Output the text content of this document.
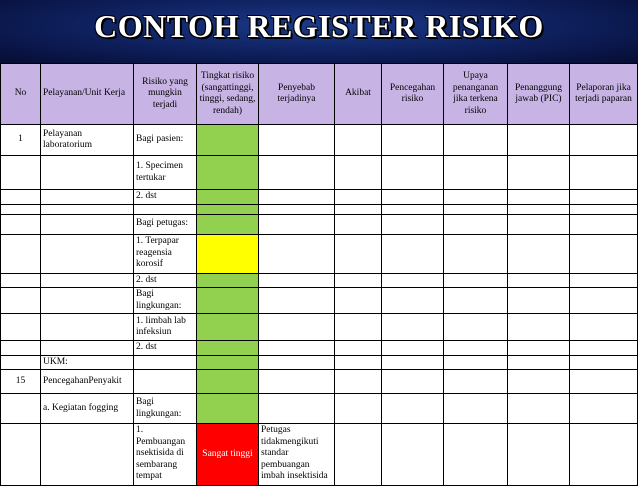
CONTOH REGISTER RISIKO
No	Pelayanan/Unit Kerja	Risiko yang mungkin terjadi	Tingkat risiko (sangattinggi, tinggi, sedang, rendah)	Penyebab terjadinya	Akibat	Pencegahan risiko	Upaya penanganan jika terkena risiko	Penanggung jawab (PIC)	Pelaporan jika terjadi paparan
1	Pelayanan laboratorium	Bagi pasien:							
		1. Specimen tertukar							
		2. dst							

		Bagi petugas:							
		1. Terpapar reagensia korosif							
		2. dst							
		Bagi lingkungan:							
		1. limbah lab infeksiun							
		2. dst							
	UKM:								
15	PencegahanPenyakit								
	a. Kegiatan fogging	Bagi lingkungan:							
		1. Pembuangan nsektisida di sembarang tempat	Sangat tinggi	Petugas tidakmengikuti standar pembuangan imbah insektisida					
